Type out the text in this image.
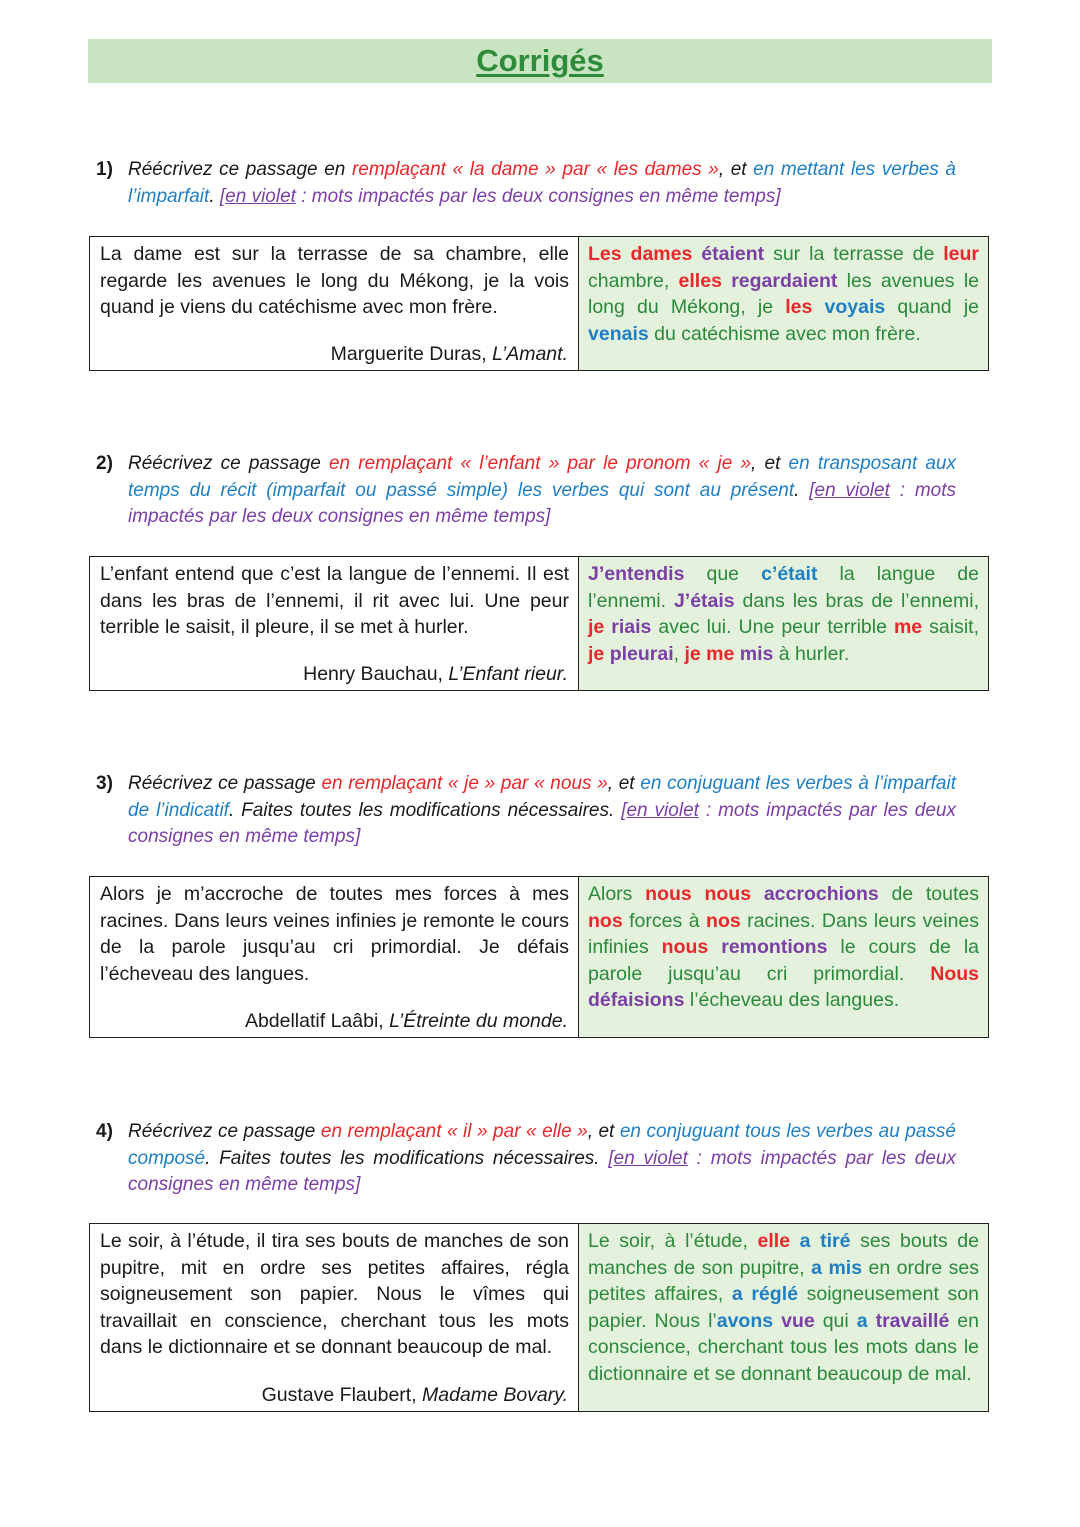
Corrigés

1) Réécrivez ce passage en remplaçant « la dame » par « les dames », et en mettant les verbes à l’imparfait. [en violet : mots impactés par les deux consignes en même temps]

La dame est sur la terrasse de sa chambre, elle regarde les avenues le long du Mékong, je la vois quand je viens du catéchisme avec mon frère.

Marguerite Duras, L’Amant.

Les dames étaient sur la terrasse de leur chambre, elles regardaient les avenues le long du Mékong, je les voyais quand je venais du catéchisme avec mon frère.

2) Réécrivez ce passage en remplaçant « l’enfant » par le pronom « je », et en transposant aux temps du récit (imparfait ou passé simple) les verbes qui sont au présent. [en violet : mots impactés par les deux consignes en même temps]

L’enfant entend que c’est la langue de l’ennemi. Il est dans les bras de l’ennemi, il rit avec lui. Une peur terrible le saisit, il pleure, il se met à hurler.

Henry Bauchau, L’Enfant rieur.

J’entendis que c’était la langue de l’ennemi. J’étais dans les bras de l’ennemi, je riais avec lui. Une peur terrible me saisit, je pleurai, je me mis à hurler.

3) Réécrivez ce passage en remplaçant « je » par « nous », et en conjuguant les verbes à l’imparfait de l’indicatif. Faites toutes les modifications nécessaires. [en violet : mots impactés par les deux consignes en même temps]

Alors je m’accroche de toutes mes forces à mes racines. Dans leurs veines infinies je remonte le cours de la parole jusqu’au cri primordial. Je défais l’écheveau des langues.

Abdellatif Laâbi, L’Étreinte du monde.

Alors nous nous accrochions de toutes nos forces à nos racines. Dans leurs veines infinies nous remontions le cours de la parole jusqu’au cri primordial. Nous défaisions l’écheveau des langues.

4) Réécrivez ce passage en remplaçant « il » par « elle », et en conjuguant tous les verbes au passé composé. Faites toutes les modifications nécessaires. [en violet : mots impactés par les deux consignes en même temps]

Le soir, à l’étude, il tira ses bouts de manches de son pupitre, mit en ordre ses petites affaires, régla soigneusement son papier. Nous le vîmes qui travaillait en conscience, cherchant tous les mots dans le dictionnaire et se donnant beaucoup de mal.

Gustave Flaubert, Madame Bovary.

Le soir, à l’étude, elle a tiré ses bouts de manches de son pupitre, a mis en ordre ses petites affaires, a réglé soigneusement son papier. Nous l’avons vue qui a travaillé en conscience, cherchant tous les mots dans le dictionnaire et se donnant beaucoup de mal.
